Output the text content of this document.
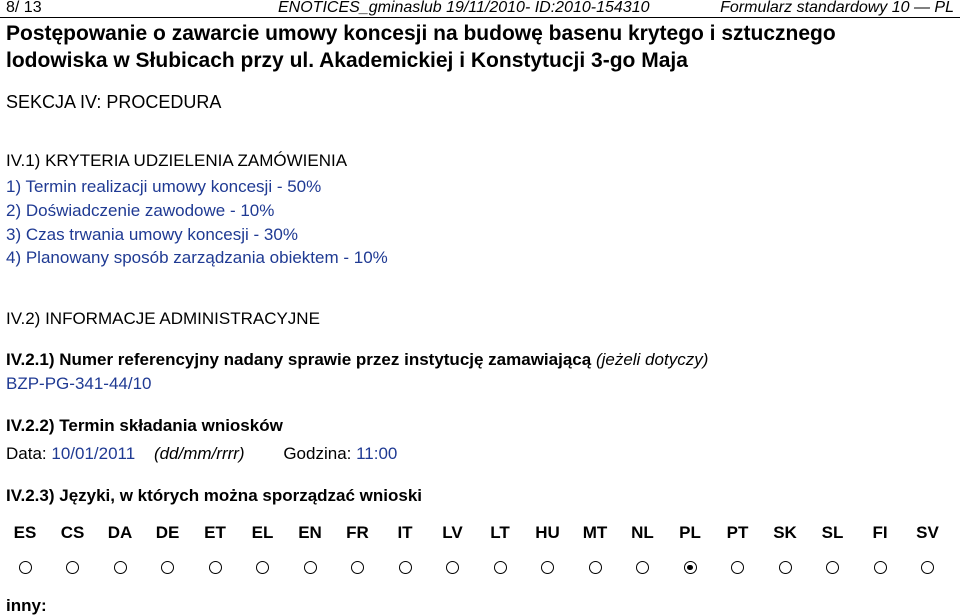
8/ 13	ENOTICES_gminaslub 19/11/2010- ID:2010-154310	Formularz standardowy 10 — PL
Postępowanie o zawarcie umowy koncesji na budowę basenu krytego i sztucznego
lodowiska w Słubicach przy ul. Akademickiej i Konstytucji 3-go Maja
SEKCJA IV: PROCEDURA
IV.1) KRYTERIA UDZIELENIA ZAMÓWIENIA
1) Termin realizacji umowy koncesji - 50%
2) Doświadczenie zawodowe - 10%
3) Czas trwania umowy koncesji - 30%
4) Planowany sposób zarządzania obiektem - 10%
IV.2) INFORMACJE ADMINISTRACYJNE
IV.2.1) Numer referencyjny nadany sprawie przez instytucję zamawiającą (jeżeli dotyczy)
BZP-PG-341-44/10
IV.2.2) Termin składania wniosków
Data: 10/01/2011 (dd/mm/rrrr) Godzina: 11:00
IV.2.3) Języki, w których można sporządzać wnioski
ES	CS	DA	DE	ET	EL	EN	FR	IT	LV	LT	HU	MT	NL	PL	PT	SK	SL	FI	SV
inny:
